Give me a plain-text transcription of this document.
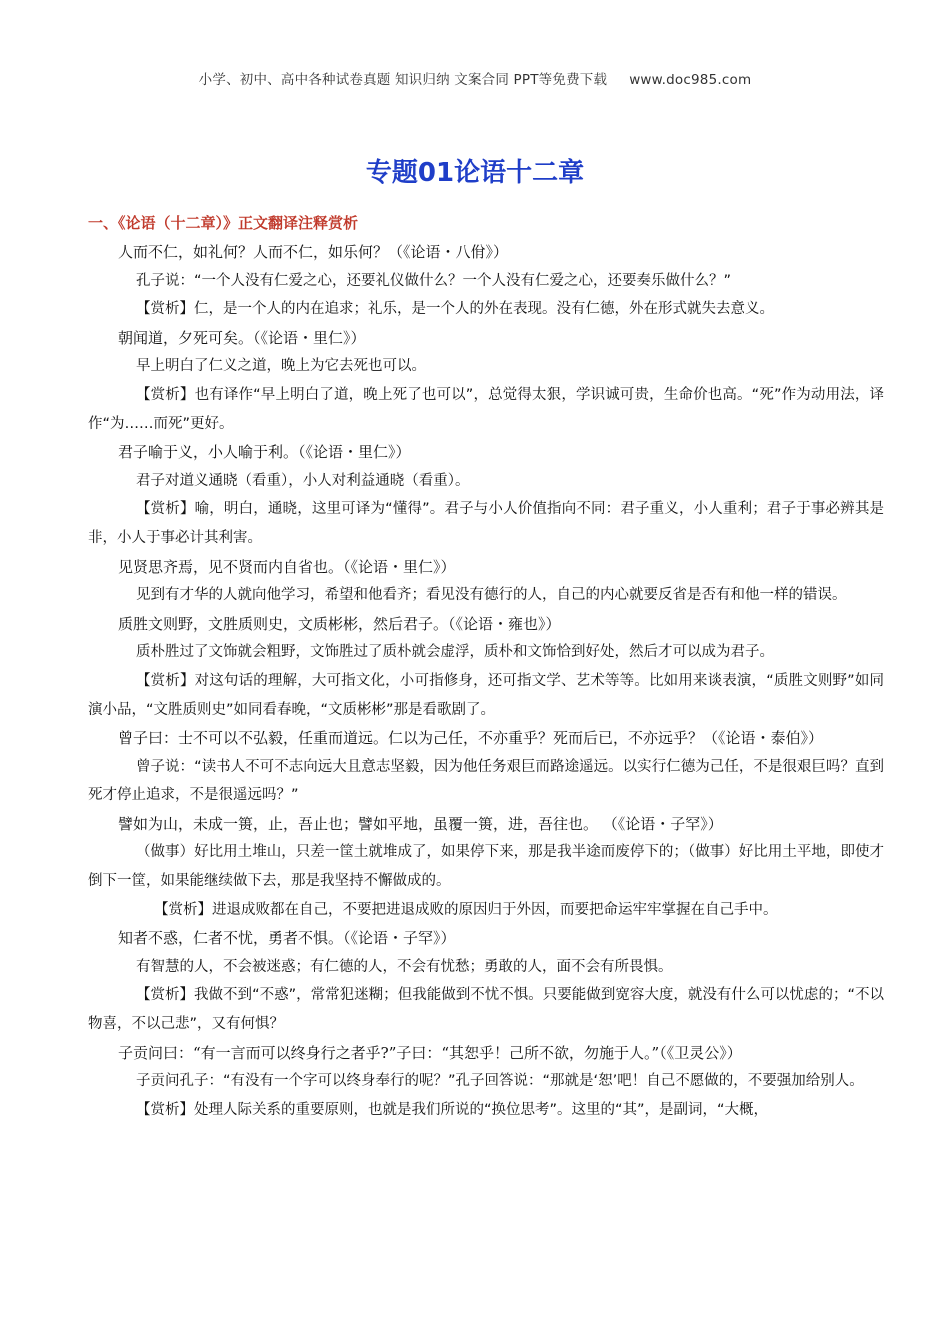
小学、初中、高中各种试卷真题 知识归纳 文案合同 PPT等免费下载 www.doc985.com
专题01论语十二章
一、《论语（十二章）》正文翻译注释赏析

人而不仁，如礼何？人而不仁，如乐何？（《论语・八佾》）

孔子说：“一个人没有仁爱之心，还要礼仪做什么？一个人没有仁爱之心，还要奏乐做什么？”

【赏析】仁，是一个人的内在追求；礼乐，是一个人的外在表现。没有仁德，外在形式就失去意义。

朝闻道，夕死可矣。（《论语・里仁》）

早上明白了仁义之道，晚上为它去死也可以。

【赏析】也有译作“早上明白了道，晚上死了也可以”，总觉得太狠，学识诚可贵，生命价也高。“死”作为动用法，译作“为……而死”更好。

君子喻于义，小人喻于利。（《论语・里仁》）

君子对道义通晓（看重），小人对利益通晓（看重）。

【赏析】喻，明白，通晓，这里可译为“懂得”。君子与小人价值指向不同：君子重义，小人重利；君子于事必辨其是非，小人于事必计其利害。

见贤思齐焉，见不贤而内自省也。（《论语・里仁》）

见到有才华的人就向他学习，希望和他看齐；看见没有德行的人，自己的内心就要反省是否有和他一样的错误。

质胜文则野，文胜质则史，文质彬彬，然后君子。（《论语・雍也》）

质朴胜过了文饰就会粗野，文饰胜过了质朴就会虚浮，质朴和文饰恰到好处，然后才可以成为君子。

【赏析】对这句话的理解，大可指文化，小可指修身，还可指文学、艺术等等。比如用来谈表演，“质胜文则野”如同演小品，“文胜质则史”如同看春晚，“文质彬彬”那是看歌剧了。

曾子曰：士不可以不弘毅，任重而道远。仁以为己任，不亦重乎？死而后已，不亦远乎？（《论语・泰伯》）

曾子说：“读书人不可不志向远大且意志坚毅，因为他任务艰巨而路途遥远。以实行仁德为己任，不是很艰巨吗？直到死才停止追求，不是很遥远吗？”

譬如为山，未成一篑，止，吾止也；譬如平地，虽覆一篑，进，吾往也。 （《论语・子罕》）

（做事）好比用土堆山，只差一筐土就堆成了，如果停下来，那是我半途而废停下的；（做事）好比用土平地，即使才倒下一筐，如果能继续做下去，那是我坚持不懈做成的。

【赏析】进退成败都在自己，不要把进退成败的原因归于外因，而要把命运牢牢掌握在自己手中。

知者不惑，仁者不忧，勇者不惧。（《论语・子罕》）

有智慧的人，不会被迷惑；有仁德的人，不会有忧愁；勇敢的人，面不会有所畏惧。

【赏析】我做不到“不惑”，常常犯迷糊；但我能做到不忧不惧。只要能做到宽容大度，就没有什么可以忧虑的；“不以物喜，不以己悲”，又有何惧？

子贡问曰：“有一言而可以终身行之者乎?”子曰：“其恕乎！己所不欲，勿施于人。”（《卫灵公》）

子贡问孔子：“有没有一个字可以终身奉行的呢？”孔子回答说：“那就是‘恕’吧！自己不愿做的，不要强加给别人。

【赏析】处理人际关系的重要原则，也就是我们所说的“换位思考”。这里的“其”，是副词，“大概，
